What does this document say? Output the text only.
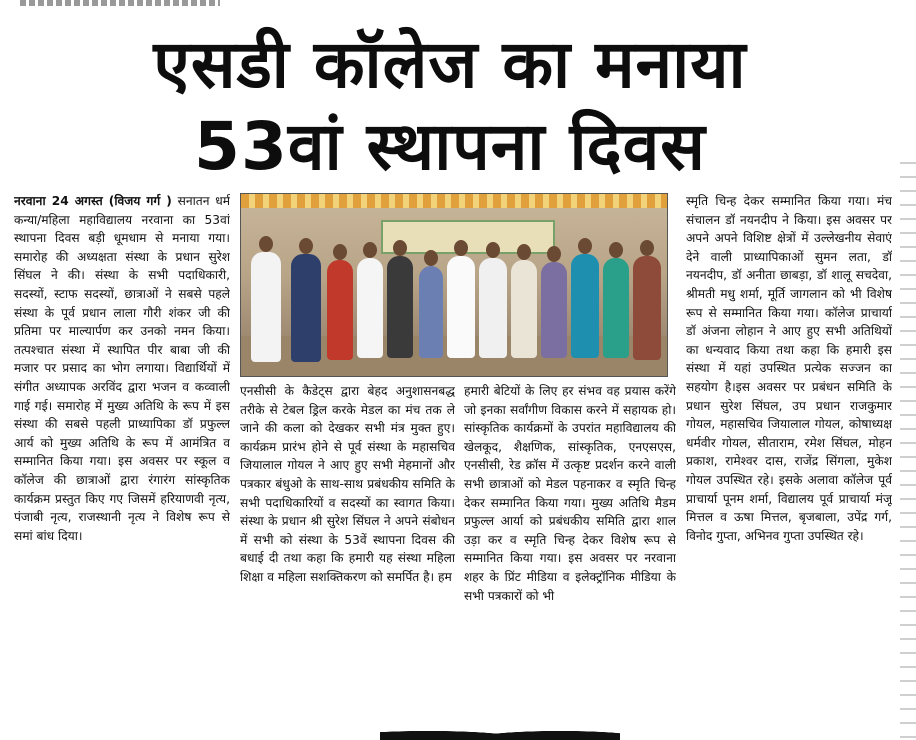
एसडी कॉलेज का मनाया
53वां स्थापना दिवस

नरवाना 24 अगस्त (विजय गर्ग ) सनातन धर्म कन्या/महिला महाविद्यालय नरवाना का 53वां स्थापना दिवस बड़ी धूमधाम से मनाया गया। समारोह की अध्यक्षता संस्था के प्रधान सुरेश सिंघल ने की। संस्था के सभी पदाधिकारी, सदस्यों, स्टाफ सदस्यों, छात्राओं ने सबसे पहले संस्था के पूर्व प्रधान लाला गौरी शंकर जी की प्रतिमा पर माल्यार्पण कर उनको नमन किया। तत्पश्चात संस्था में स्थापित पीर बाबा जी की मजार पर प्रसाद का भोग लगाया। विद्यार्थियों में संगीत अध्यापक अरविंद द्वारा भजन व कव्वाली गाई गई। समारोह में मुख्य अतिथि के रूप में इस संस्था की सबसे पहली प्राध्यापिका डॉ प्रफुल्ल आर्य को मुख्य अतिथि के रूप में आमंत्रित व सम्मानित किया गया। इस अवसर पर स्कूल व कॉलेज की छात्राओं द्वारा रंगारंग सांस्कृतिक कार्यक्रम प्रस्तुत किए गए जिसमें हरियाणवी नृत्य, पंजाबी नृत्य, राजस्थानी नृत्य ने विशेष रूप से समां बांध दिया।

एनसीसी के कैडेट्स द्वारा बेहद अनुशासनबद्ध तरीके से टेबल ड्रिल करके मेडल का मंच तक ले जाने की कला को देखकर सभी मंत्र मुक्त हुए। कार्यक्रम प्रारंभ होने से पूर्व संस्था के महासचिव जियालाल गोयल ने आए हुए सभी मेहमानों और पत्रकार बंधुओ के साथ-साथ प्रबंधकीय समिति के सभी पदाधिकारियों व सदस्यों का स्वागत किया। संस्था के प्रधान श्री सुरेश सिंघल ने अपने संबोधन में सभी को संस्था के 53वें स्थापना दिवस की बधाई दी तथा कहा कि हमारी यह संस्था महिला शिक्षा व महिला सशक्तिकरण को समर्पित है। हम

हमारी बेटियों के लिए हर संभव वह प्रयास करेंगे जो इनका सर्वांगीण विकास करने में सहायक हो। सांस्कृतिक कार्यक्रमों के उपरांत महाविद्यालय की खेलकूद, शैक्षणिक, सांस्कृतिक, एनएसएस, एनसीसी, रेड क्रॉस में उत्कृष्ट प्रदर्शन करने वाली सभी छात्राओं को मेडल पहनाकर व स्मृति चिन्ह देकर सम्मानित किया गया। मुख्य अतिथि मैडम प्रफुल्ल आर्या को प्रबंधकीय समिति द्वारा शाल उड़ा कर व स्मृति चिन्ह देकर विशेष रूप से सम्मानित किया गया। इस अवसर पर नरवाना शहर के प्रिंट मीडिया व इलेक्ट्रॉनिक मीडिया के सभी पत्रकारों को भी

स्मृति चिन्ह देकर सम्मानित किया गया। मंच संचालन डॉ नयनदीप ने किया। इस अवसर पर अपने अपने विशिष्ट क्षेत्रों में उल्लेखनीय सेवाएं देने वाली प्राध्यापिकाओं सुमन लता, डॉ नयनदीप, डॉ अनीता छाबड़ा, डॉ शालू सचदेवा, श्रीमती मधु शर्मा, मूर्ति जागलान को भी विशेष रूप से सम्मानित किया गया। कॉलेज प्राचार्या डॉ अंजना लोहान ने आए हुए सभी अतिथियों का धन्यवाद किया तथा कहा कि हमारी इस संस्था में यहां उपस्थित प्रत्येक सज्जन का सहयोग है।इस अवसर पर प्रबंधन समिति के प्रधान सुरेश सिंघल, उप प्रधान राजकुमार गोयल, महासचिव जियालाल गोयल, कोषाध्यक्ष धर्मवीर गोयल, सीताराम, रमेश सिंघल, मोहन प्रकाश, रामेश्वर दास, राजेंद्र सिंगला, मुकेश गोयल उपस्थित रहे। इसके अलावा कॉलेज पूर्व प्राचार्या पूनम शर्मा, विद्यालय पूर्व प्राचार्या मंजू मित्तल व ऊषा मित्तल, बृजबाला, उपेंद्र गर्ग, विनोद गुप्ता, अभिनव गुप्ता उपस्थित रहे।
